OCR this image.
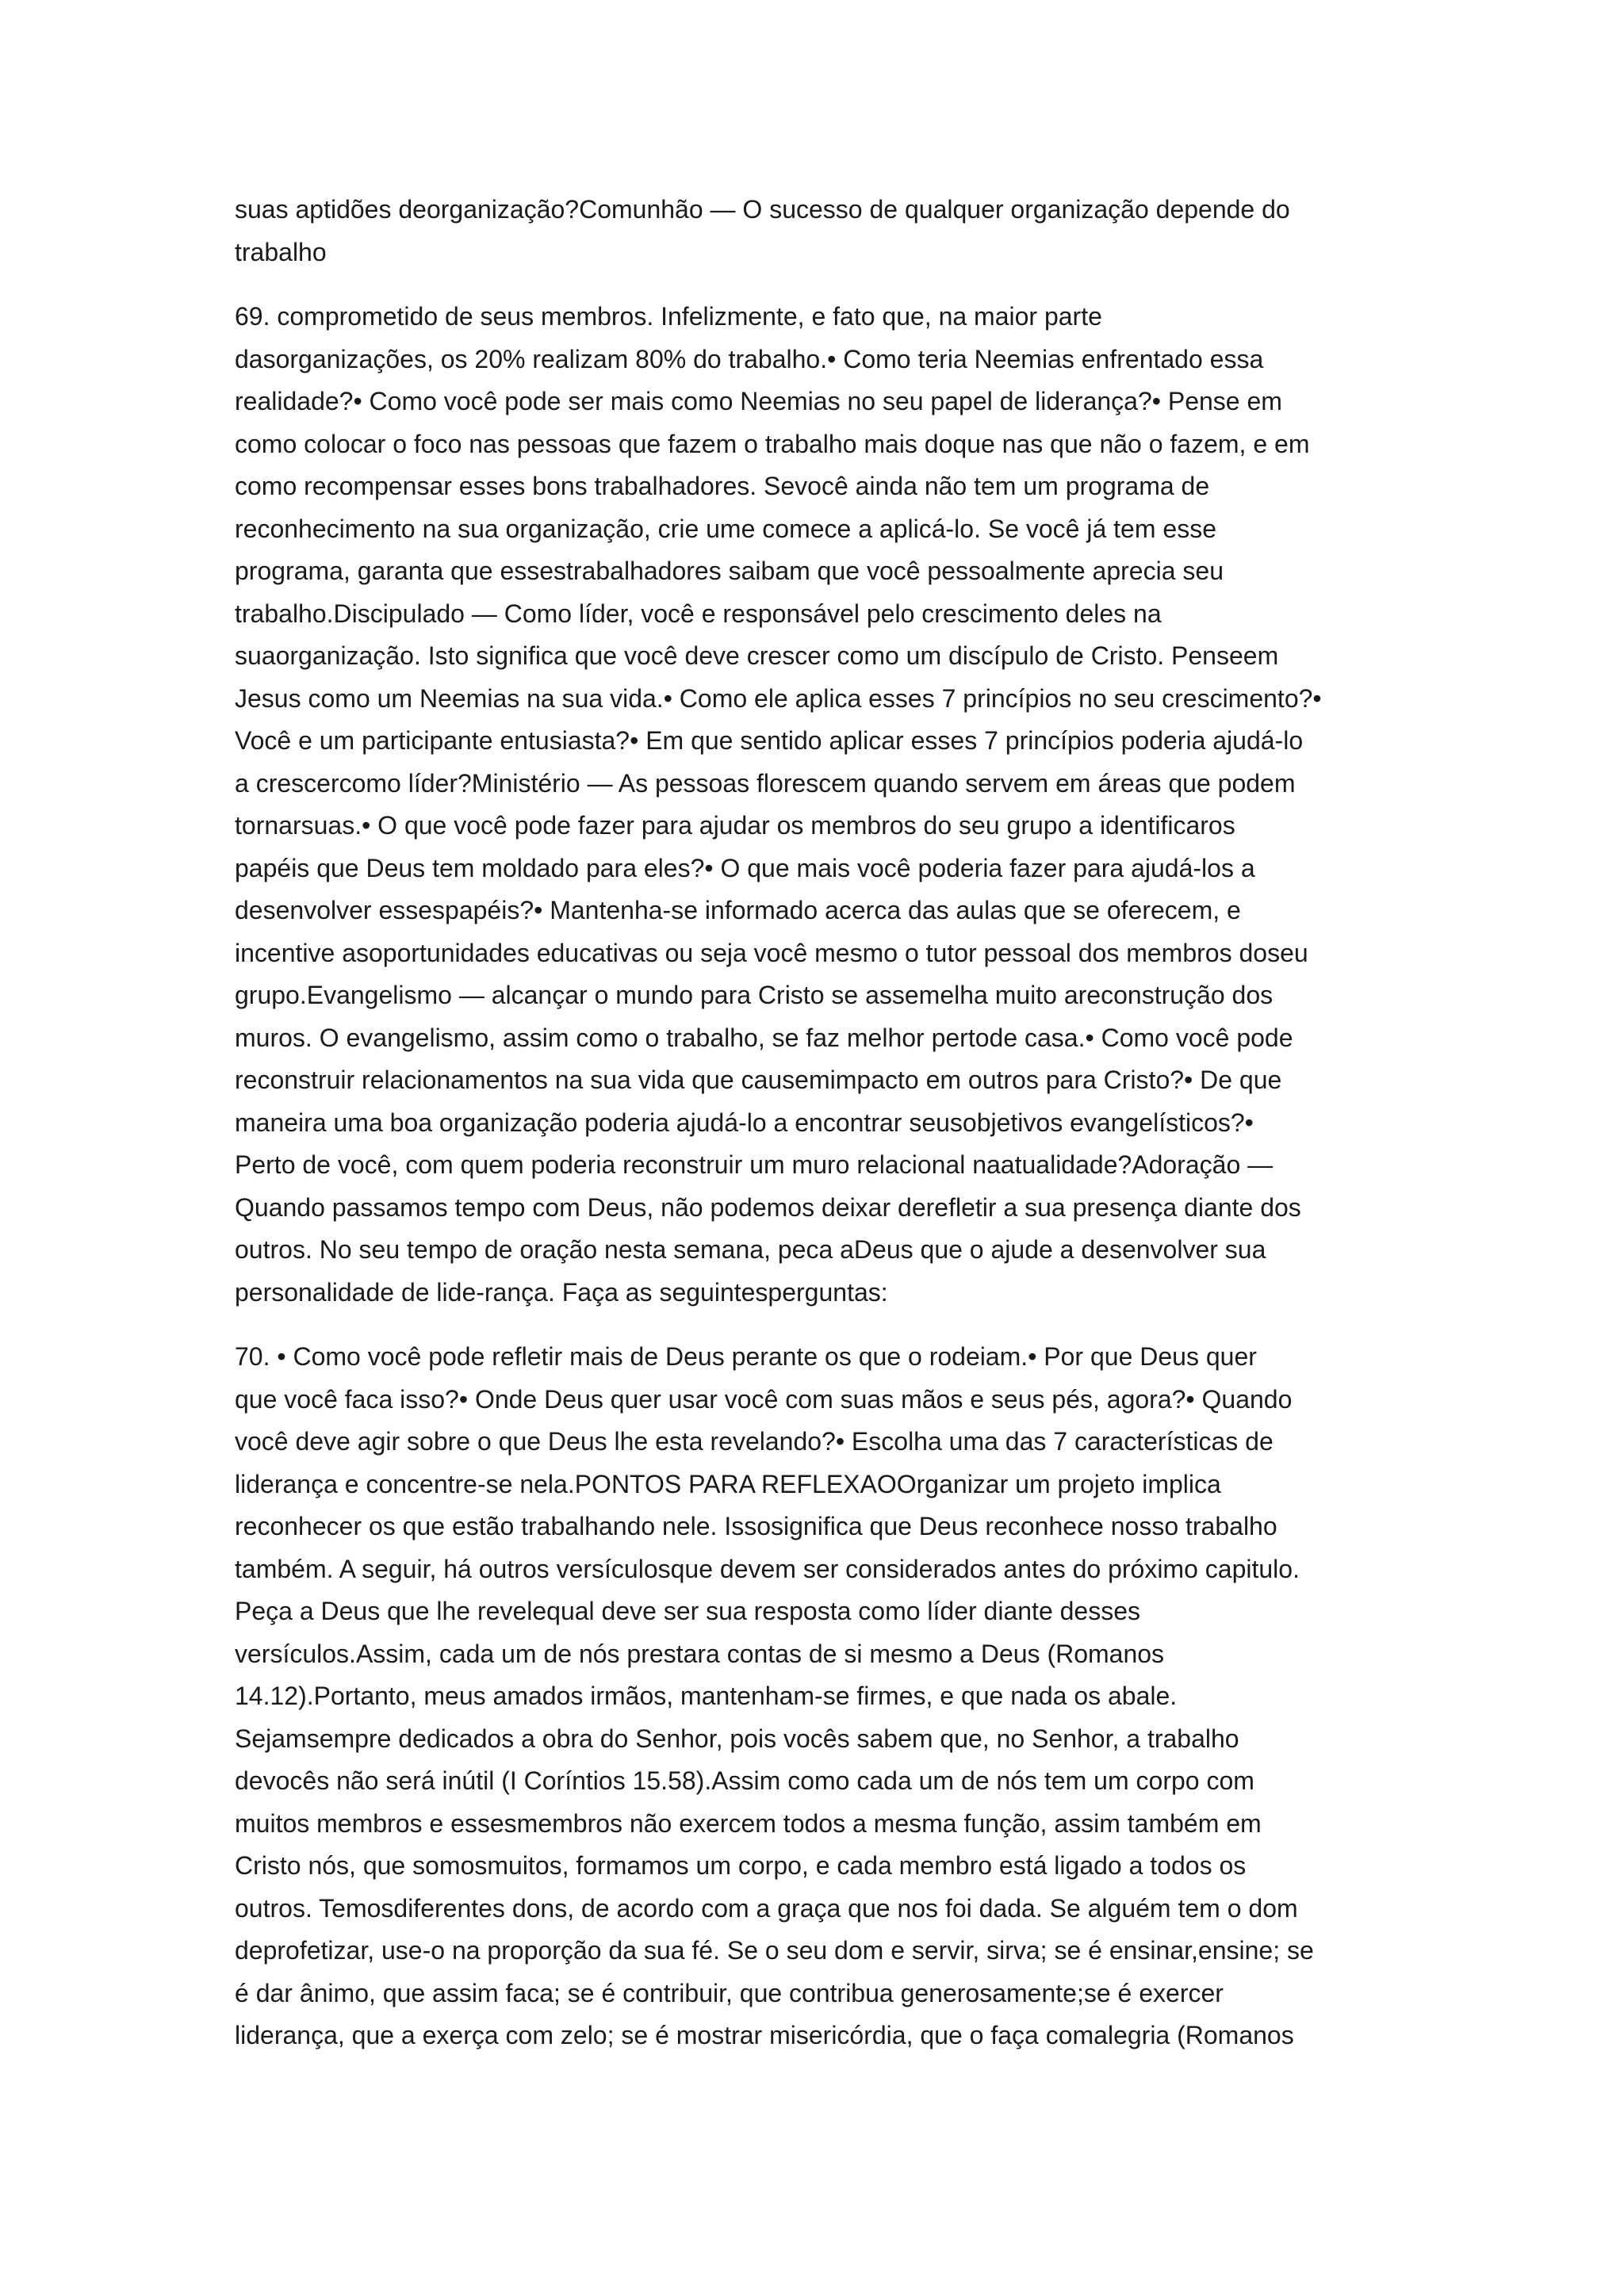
suas aptidões deorganização?Comunhão — O sucesso de qualquer organização depende do
trabalho
69. comprometido de seus membros. Infelizmente, e fato que, na maior parte
dasorganizações, os 20% realizam 80% do trabalho.• Como teria Neemias enfrentado essa
realidade?• Como você pode ser mais como Neemias no seu papel de liderança?• Pense em
como colocar o foco nas pessoas que fazem o trabalho mais doque nas que não o fazem, e em
como recompensar esses bons trabalhadores. Sevocê ainda não tem um programa de
reconhecimento na sua organização, crie ume comece a aplicá-lo. Se você já tem esse
programa, garanta que essestrabalhadores saibam que você pessoalmente aprecia seu
trabalho.Discipulado — Como líder, você e responsável pelo crescimento deles na
suaorganização. Isto significa que você deve crescer como um discípulo de Cristo. Penseem
Jesus como um Neemias na sua vida.• Como ele aplica esses 7 princípios no seu crescimento?•
Você e um participante entusiasta?• Em que sentido aplicar esses 7 princípios poderia ajudá-lo
a crescercomo líder?Ministério — As pessoas florescem quando servem em áreas que podem
tornarsuas.• O que você pode fazer para ajudar os membros do seu grupo a identificaros
papéis que Deus tem moldado para eles?• O que mais você poderia fazer para ajudá-los a
desenvolver essespapéis?• Mantenha-se informado acerca das aulas que se oferecem, e
incentive asoportunidades educativas ou seja você mesmo o tutor pessoal dos membros doseu
grupo.Evangelismo — alcançar o mundo para Cristo se assemelha muito areconstrução dos
muros. O evangelismo, assim como o trabalho, se faz melhor pertode casa.• Como você pode
reconstruir relacionamentos na sua vida que causemimpacto em outros para Cristo?• De que
maneira uma boa organização poderia ajudá-lo a encontrar seusobjetivos evangelísticos?•
Perto de você, com quem poderia reconstruir um muro relacional naatualidade?Adoração —
Quando passamos tempo com Deus, não podemos deixar derefletir a sua presença diante dos
outros. No seu tempo de oração nesta semana, peca aDeus que o ajude a desenvolver sua
personalidade de lide-rança. Faça as seguintesperguntas:
70. • Como você pode refletir mais de Deus perante os que o rodeiam.• Por que Deus quer
que você faca isso?• Onde Deus quer usar você com suas mãos e seus pés, agora?• Quando
você deve agir sobre o que Deus lhe esta revelando?• Escolha uma das 7 características de
liderança e concentre-se nela.PONTOS PARA REFLEXAOOrganizar um projeto implica
reconhecer os que estão trabalhando nele. Issosignifica que Deus reconhece nosso trabalho
também. A seguir, há outros versículosque devem ser considerados antes do próximo capitulo.
Peça a Deus que lhe revelequal deve ser sua resposta como líder diante desses
versículos.Assim, cada um de nós prestara contas de si mesmo a Deus (Romanos
14.12).Portanto, meus amados irmãos, mantenham-se firmes, e que nada os abale.
Sejamsempre dedicados a obra do Senhor, pois vocês sabem que, no Senhor, a trabalho
devocês não será inútil (I Coríntios 15.58).Assim como cada um de nós tem um corpo com
muitos membros e essesmembros não exercem todos a mesma função, assim também em
Cristo nós, que somosmuitos, formamos um corpo, e cada membro está ligado a todos os
outros. Temosdiferentes dons, de acordo com a graça que nos foi dada. Se alguém tem o dom
deprofetizar, use-o na proporção da sua fé. Se o seu dom e servir, sirva; se é ensinar,ensine; se
é dar ânimo, que assim faca; se é contribuir, que contribua generosamente;se é exercer
liderança, que a exerça com zelo; se é mostrar misericórdia, que o faça comalegria (Romanos
